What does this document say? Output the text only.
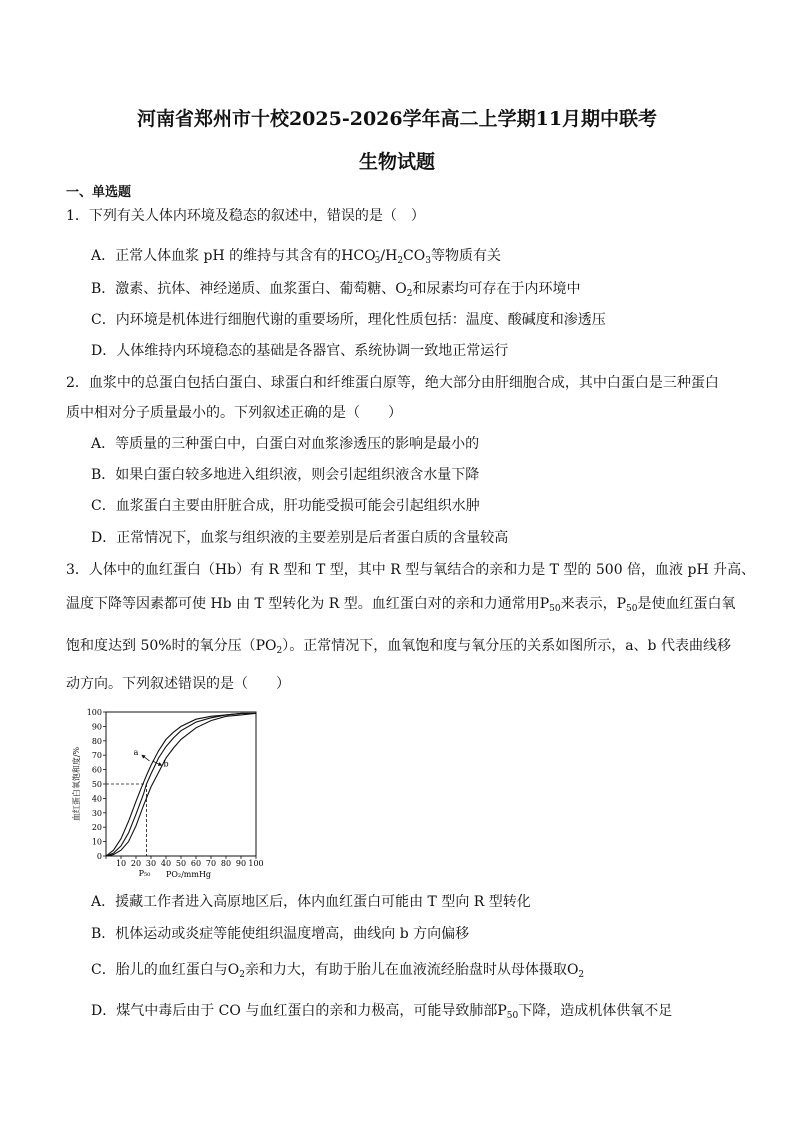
河南省郑州市十校2025-2026学年高二上学期11月期中联考
生物试题
一、单选题
1．下列有关人体内环境及稳态的叙述中，错误的是（　）
A．正常人体血浆 pH 的维持与其含有的$HCO^-_3/H_2CO_3$等物质有关
B．激素、抗体、神经递质、血浆蛋白、葡萄糖、$O_2$和尿素均可存在于内环境中
C．内环境是机体进行细胞代谢的重要场所，理化性质包括：温度、酸碱度和渗透压
D．人体维持内环境稳态的基础是各器官、系统协调一致地正常运行
2．血浆中的总蛋白包括白蛋白、球蛋白和纤维蛋白原等，绝大部分由肝细胞合成，其中白蛋白是三种蛋白
质中相对分子质量最小的。下列叙述正确的是（　　）
A．等质量的三种蛋白中，白蛋白对血浆渗透压的影响是最小的
B．如果白蛋白较多地进入组织液，则会引起组织液含水量下降
C．血浆蛋白主要由肝脏合成，肝功能受损可能会引起组织水肿
D．正常情况下，血浆与组织液的主要差别是后者蛋白质的含量较高
3．人体中的血红蛋白（Hb）有 R 型和 T 型，其中 R 型与氧结合的亲和力是 T 型的 500 倍，血液 pH 升高、
温度下降等因素都可使 Hb 由 T 型转化为 R 型。血红蛋白对的亲和力通常用$P_{50}$来表示，$P_{50}$是使血红蛋白氧
饱和度达到 50%时的氧分压$(PO_2)$。正常情况下，血氧饱和度与氧分压的关系如图所示，a、b 代表曲线移
动方向。下列叙述错误的是（　　）
0
10
20
30
40
50
60
70
80
90
100
10 20 30 40 50 60 70 80 90 100
PO₂/mmHg
血红蛋白氧饱和度/%
P₅₀
a
b
A．援藏工作者进入高原地区后，体内血红蛋白可能由 T 型向 R 型转化
B．机体运动或炎症等能使组织温度增高，曲线向 b 方向偏移
C．胎儿的血红蛋白与$O_2$亲和力大，有助于胎儿在血液流经胎盘时从母体摄取$O_2$
D．煤气中毒后由于 CO 与血红蛋白的亲和力极高，可能导致肺部$P_{50}$下降，造成机体供氧不足
